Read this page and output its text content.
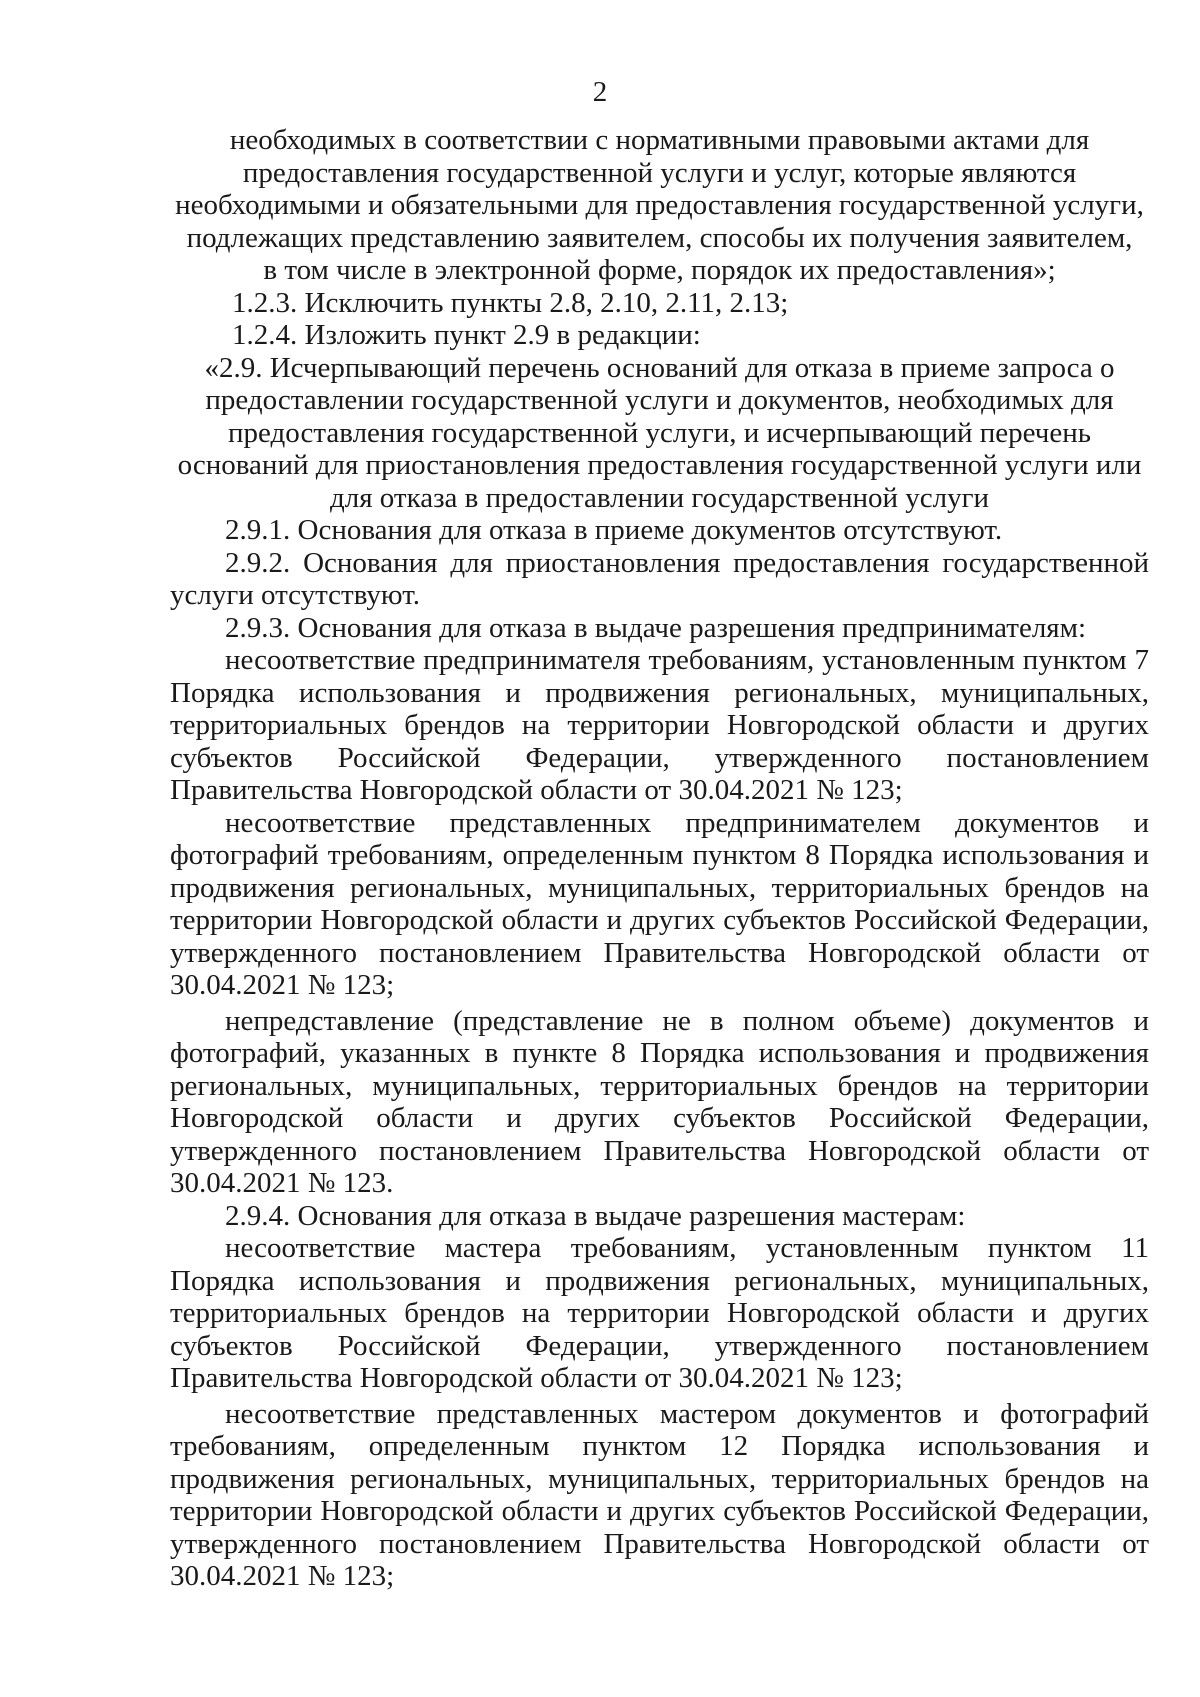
2

необходимых в соответствии с нормативными правовыми актами для

предоставления государственной услуги и услуг, которые являются

необходимыми и обязательными для предоставления государственной услуги,

подлежащих представлению заявителем, способы их получения заявителем,

в том числе в электронной форме, порядок их предоставления»;

1.2.3. Исключить пункты 2.8, 2.10, 2.11, 2.13;

1.2.4. Изложить пункт 2.9 в редакции:

«2.9. Исчерпывающий перечень оснований для отказа в приеме запроса о

предоставлении государственной услуги и документов, необходимых для

предоставления государственной услуги, и исчерпывающий перечень

оснований для приостановления предоставления государственной услуги или

для отказа в предоставлении государственной услуги

2.9.1. Основания для отказа в приеме документов отсутствуют.

2.9.2. Основания для приостановления предоставления государственной услуги отсутствуют.

2.9.3. Основания для отказа в выдаче разрешения предпринимателям:

несоответствие предпринимателя требованиям, установленным пунктом 7 Порядка использования и продвижения региональных, муниципальных, территориальных брендов на территории Новгородской области и других субъектов Российской Федерации, утвержденного постановлением Правительства Новгородской области от 30.04.2021 № 123;

несоответствие представленных предпринимателем документов и фотографий требованиям, определенным пунктом 8 Порядка использования и продвижения региональных, муниципальных, территориальных брендов на территории Новгородской области и других субъектов Российской Федерации, утвержденного постановлением Правительства Новгородской области от 30.04.2021 № 123;

непредставление (представление не в полном объеме) документов и фотографий, указанных в пункте 8 Порядка использования и продвижения региональных, муниципальных, территориальных брендов на территории Новгородской области и других субъектов Российской Федерации, утвержденного постановлением Правительства Новгородской области от 30.04.2021 № 123.

2.9.4. Основания для отказа в выдаче разрешения мастерам:

несоответствие мастера требованиям, установленным пунктом 11 Порядка использования и продвижения региональных, муниципальных, территориальных брендов на территории Новгородской области и других субъектов Российской Федерации, утвержденного постановлением Правительства Новгородской области от 30.04.2021 № 123;

несоответствие представленных мастером документов и фотографий требованиям, определенным пунктом 12 Порядка использования и продвижения региональных, муниципальных, территориальных брендов на территории Новгородской области и других субъектов Российской Федерации, утвержденного постановлением Правительства Новгородской области от 30.04.2021 № 123;
